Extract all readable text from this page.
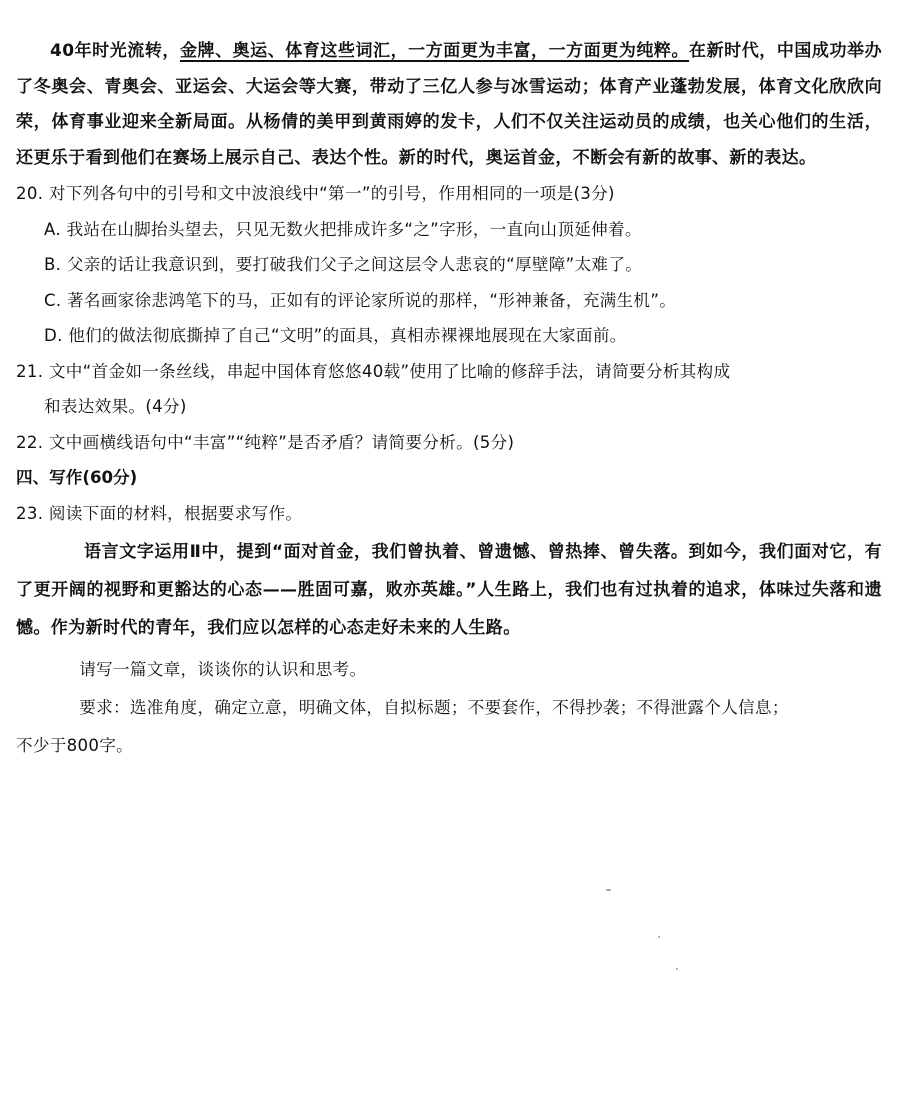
40年时光流转，金牌、奥运、体育这些词汇，一方面更为丰富，一方面更为纯粹。在新时代，中国成功举办了冬奥会、青奥会、亚运会、大运会等大赛，带动了三亿人参与冰雪运动；体育产业蓬勃发展，体育文化欣欣向荣，体育事业迎来全新局面。从杨倩的美甲到黄雨婷的发卡，人们不仅关注运动员的成绩，也关心他们的生活，还更乐于看到他们在赛场上展示自己、表达个性。新的时代，奥运首金，不断会有新的故事、新的表达。

20. 对下列各句中的引号和文中波浪线中“第一”的引号，作用相同的一项是(3分)

A. 我站在山脚抬头望去，只见无数火把排成许多“之”字形，一直向山顶延伸着。

B. 父亲的话让我意识到，要打破我们父子之间这层令人悲哀的“厚壁障”太难了。

C. 著名画家徐悲鸿笔下的马，正如有的评论家所说的那样，“形神兼备，充满生机”。

D. 他们的做法彻底撕掉了自己“文明”的面具，真相赤裸裸地展现在大家面前。

21. 文中“首金如一条丝线，串起中国体育悠悠40载”使用了比喻的修辞手法，请简要分析其构成
和表达效果。(4分)

22. 文中画横线语句中“丰富”“纯粹”是否矛盾？请简要分析。(5分)

四、写作(60分)

23. 阅读下面的材料，根据要求写作。

语言文字运用Ⅱ中，提到“面对首金，我们曾执着、曾遗憾、曾热捧、曾失落。到如今，我们面对它，有了更开阔的视野和更豁达的心态——胜固可嘉，败亦英雄。”人生路上，我们也有过执着的追求，体味过失落和遗憾。作为新时代的青年，我们应以怎样的心态走好未来的人生路。

请写一篇文章，谈谈你的认识和思考。

要求：选准角度，确定立意，明确文体，自拟标题；不要套作，不得抄袭；不得泄露个人信息；

不少于800字。
